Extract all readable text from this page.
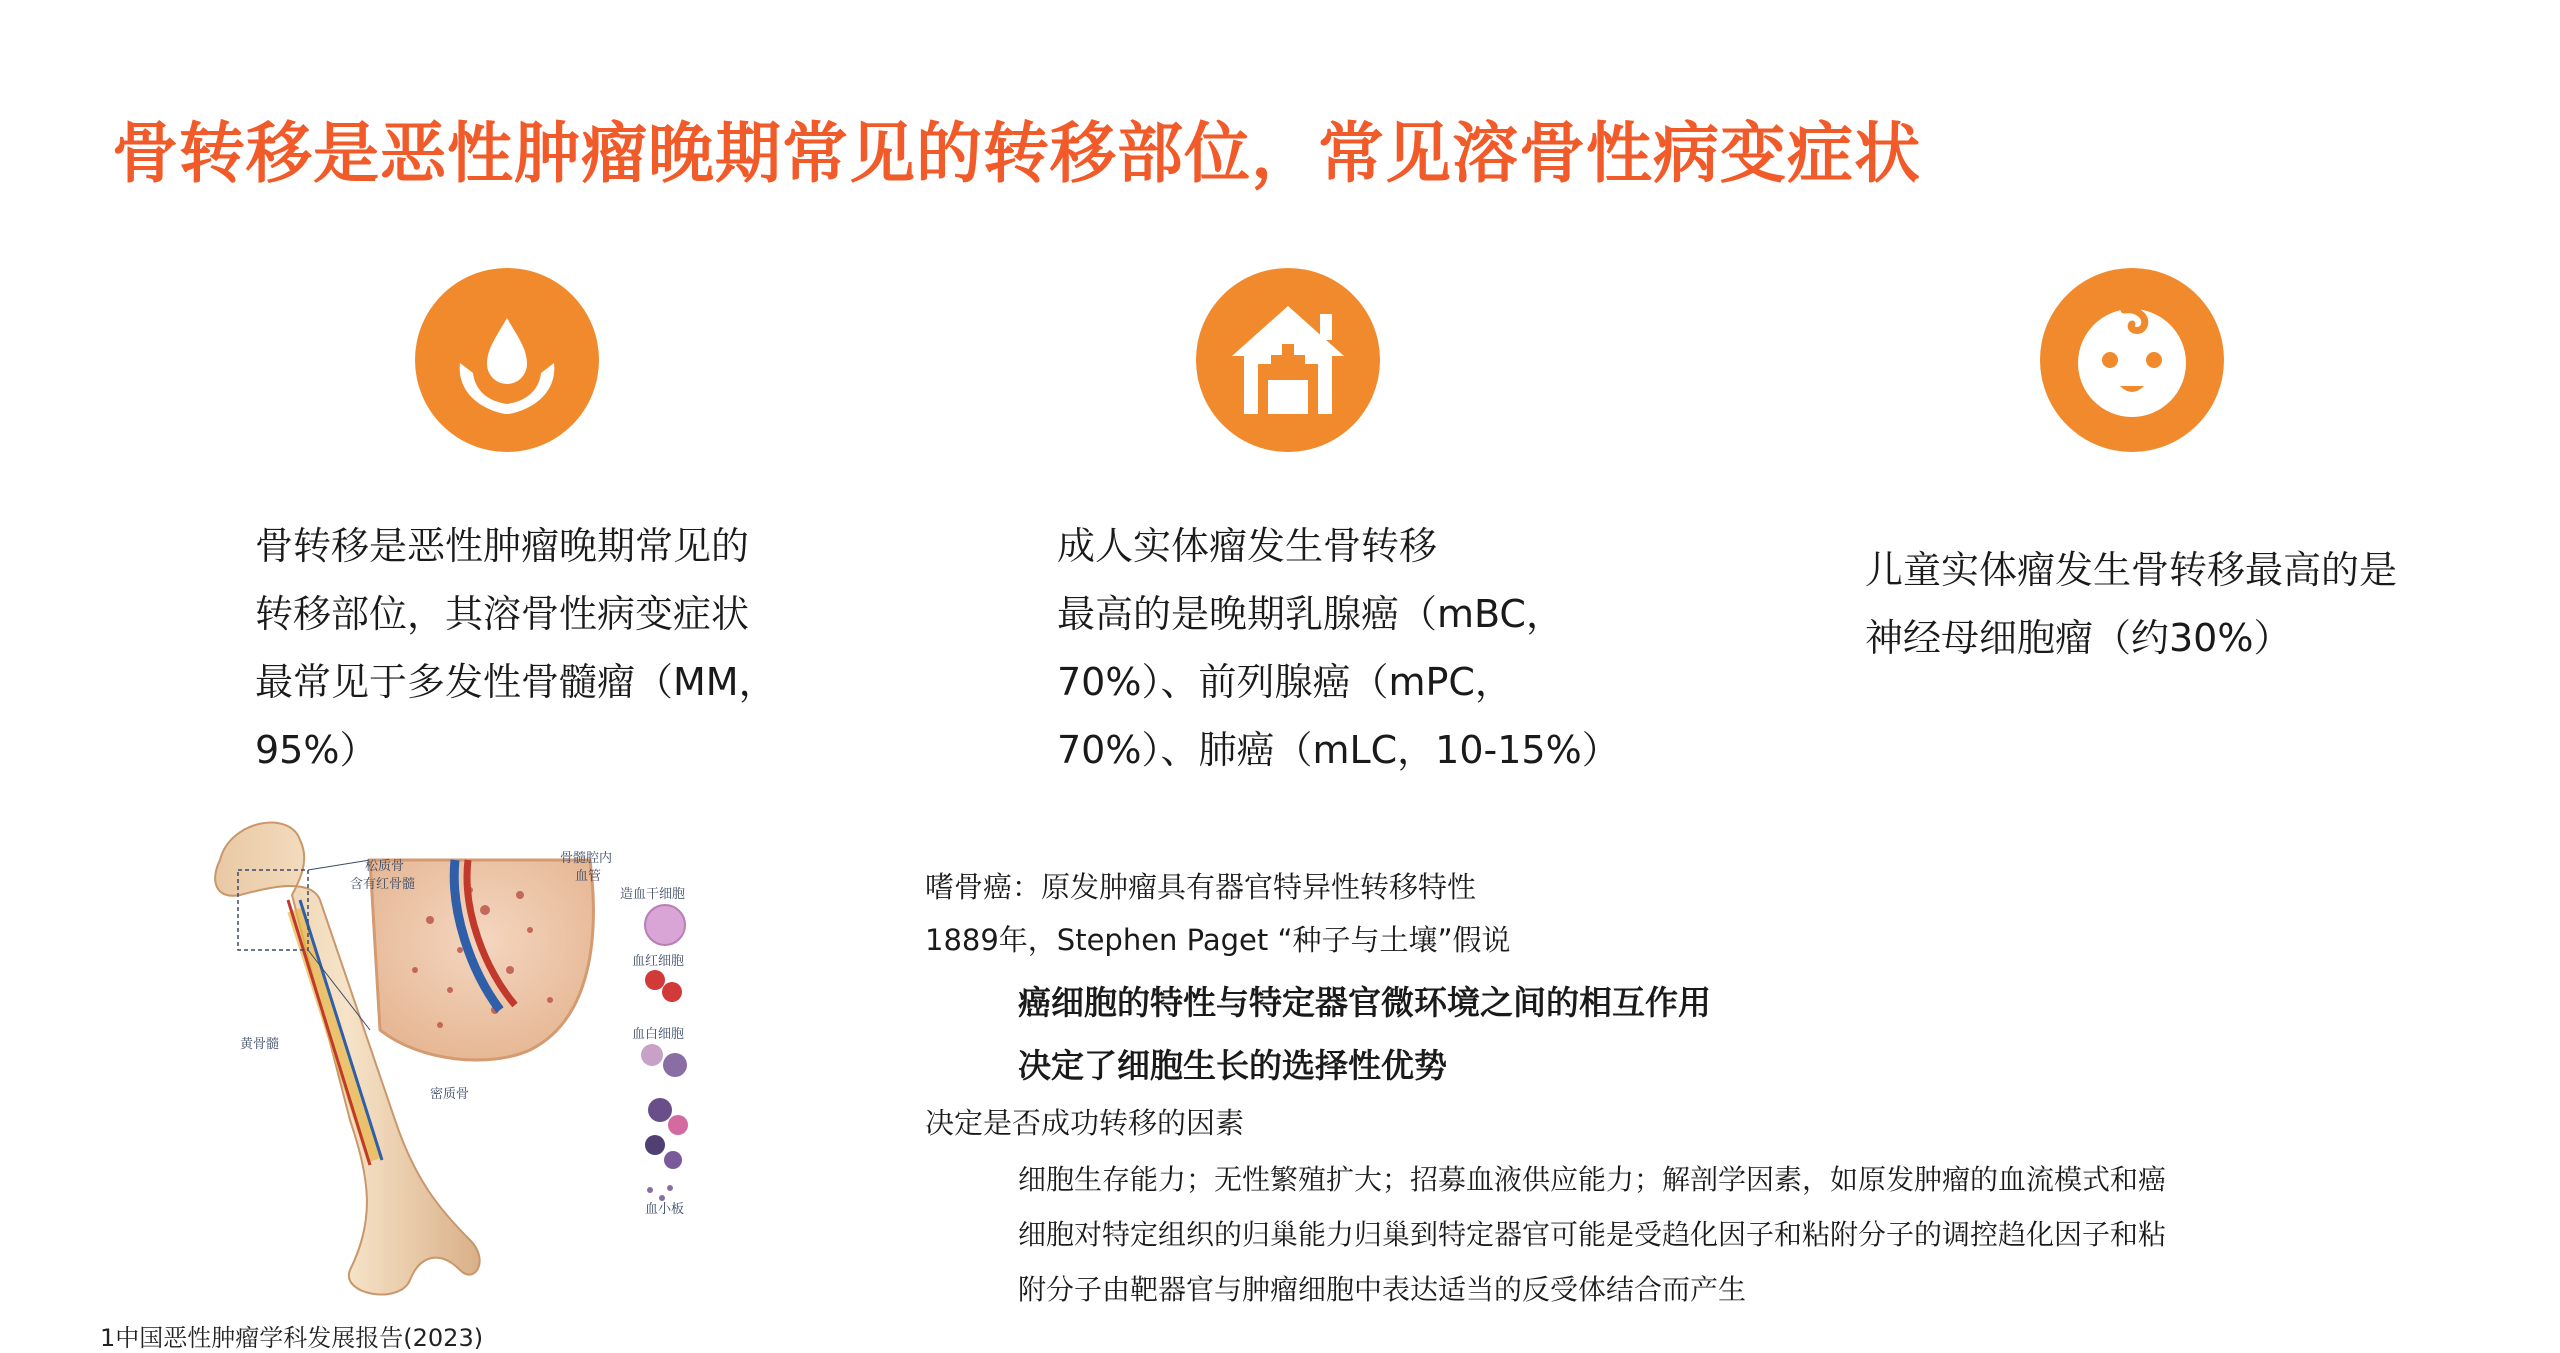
骨转移是恶性肿瘤晚期常见的转移部位，常见溶骨性病变症状
骨转移是恶性肿瘤晚期常见的
转移部位，其溶骨性病变症状
最常见于多发性骨髓瘤（MM，
95%）
成人实体瘤发生骨转移
最高的是晚期乳腺癌（mBC，
70%）、前列腺癌（mPC，
70%）、肺癌（mLC，10-15%）
儿童实体瘤发生骨转移最高的是
神经母细胞瘤（约30%）
松质骨
含有红骨髓
骨髓腔内
血管
造血干细胞
血红细胞
血白细胞
血小板
黄骨髓
密质骨
1中国恶性肿瘤学科发展报告(2023)
嗜骨癌：原发肿瘤具有器官特异性转移特性
1889年，Stephen Paget “种子与土壤”假说
癌细胞的特性与特定器官微环境之间的相互作用
决定了细胞生长的选择性优势
决定是否成功转移的因素
细胞生存能力；无性繁殖扩大；招募血液供应能力；解剖学因素，如原发肿瘤的血流模式和癌
细胞对特定组织的归巢能力归巢到特定器官可能是受趋化因子和粘附分子的调控趋化因子和粘
附分子由靶器官与肿瘤细胞中表达适当的反受体结合而产生
